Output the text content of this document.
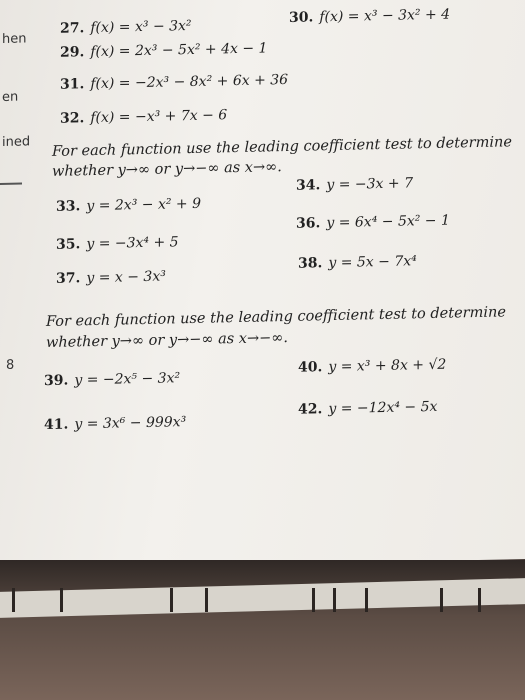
hen
en
ined
8
27. f(x) = x³ − 3x²
29. f(x) = 2x³ − 5x² + 4x − 1
30. f(x) = x³ − 3x² + 4
31. f(x) = −2x³ − 8x² + 6x + 36
32. f(x) = −x³ + 7x − 6
For each function use the leading coefficient test to determine
whether y→∞ or y→−∞ as x→∞.
33. y = 2x³ − x² + 9
34. y = −3x + 7
35. y = −3x⁴ + 5
36. y = 6x⁴ − 5x² − 1
37. y = x − 3x³
38. y = 5x − 7x⁴
For each function use the leading coefficient test to determine
whether y→∞ or y→−∞ as x→−∞.
39. y = −2x⁵ − 3x²
40. y = x³ + 8x + √2
41. y = 3x⁶ − 999x³
42. y = −12x⁴ − 5x
